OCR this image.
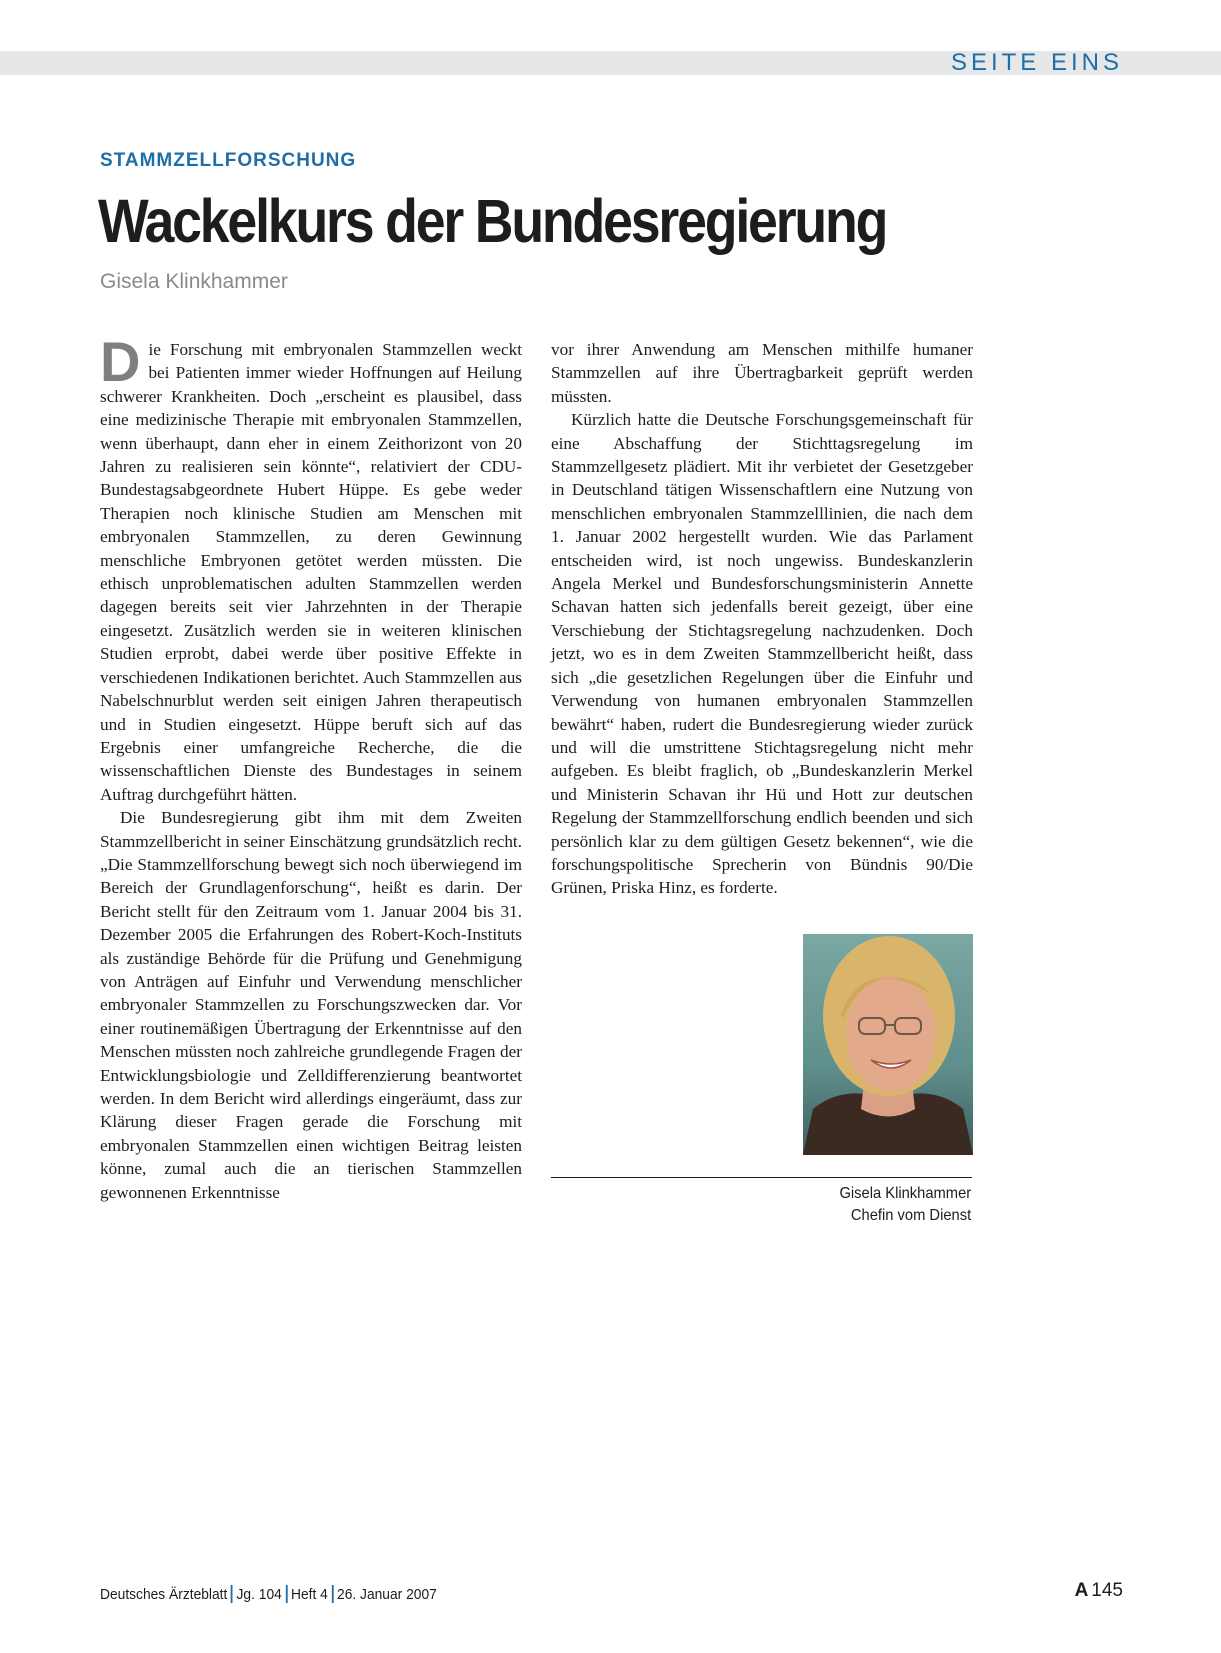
SEITE EINS
STAMMZELLFORSCHUNG
Wackelkurs der Bundesregierung
Gisela Klinkhammer

Die Forschung mit embryonalen Stammzellen weckt bei Patienten immer wieder Hoffnungen auf Heilung schwerer Krankheiten. Doch „erscheint es plausibel, dass eine medizinische Therapie mit embryonalen Stammzellen, wenn überhaupt, dann eher in einem Zeithorizont von 20 Jahren zu realisieren sein könnte“, relativiert der CDU-Bundestagsabgeordnete Hubert Hüppe. Es gebe weder Therapien noch klinische Studien am Menschen mit embryonalen Stammzellen, zu deren Gewinnung menschliche Embryonen getötet werden müssten. Die ethisch unproblematischen adulten Stammzellen werden dagegen bereits seit vier Jahrzehnten in der Therapie eingesetzt. Zusätzlich werden sie in weiteren klinischen Studien erprobt, dabei werde über positive Effekte in verschiedenen Indikationen berichtet. Auch Stammzellen aus Nabelschnurblut werden seit einigen Jahren therapeutisch und in Studien eingesetzt. Hüppe beruft sich auf das Ergebnis einer umfangreiche Recherche, die die wissenschaftlichen Dienste des Bundestages in seinem Auftrag durchgeführt hätten.

Die Bundesregierung gibt ihm mit dem Zweiten Stammzellbericht in seiner Einschätzung grundsätzlich recht. „Die Stammzellforschung bewegt sich noch überwiegend im Bereich der Grundlagenforschung“, heißt es darin. Der Bericht stellt für den Zeitraum vom 1. Januar 2004 bis 31. Dezember 2005 die Erfahrungen des Robert-Koch-Instituts als zuständige Behörde für die Prüfung und Genehmigung von Anträgen auf Einfuhr und Verwendung menschlicher embryonaler Stammzellen zu Forschungszwecken dar. Vor einer routinemäßigen Übertragung der Erkenntnisse auf den Menschen müssten noch zahlreiche grundlegende Fragen der Entwicklungsbiologie und Zelldifferenzierung beantwortet werden. In dem Bericht wird allerdings eingeräumt, dass zur Klärung dieser Fragen gerade die Forschung mit embryonalen Stammzellen einen wichtigen Beitrag leisten könne, zumal auch die an tierischen Stammzellen gewonnenen Erkenntnisse

vor ihrer Anwendung am Menschen mithilfe humaner Stammzellen auf ihre Übertragbarkeit geprüft werden müssten.

Kürzlich hatte die Deutsche Forschungsgemeinschaft für eine Abschaffung der Stichttagsregelung im Stammzellgesetz plädiert. Mit ihr verbietet der Gesetzgeber in Deutschland tätigen Wissenschaftlern eine Nutzung von menschlichen embryonalen Stammzelllinien, die nach dem 1. Januar 2002 hergestellt wurden. Wie das Parlament entscheiden wird, ist noch ungewiss. Bundeskanzlerin Angela Merkel und Bundesforschungsministerin Annette Schavan hatten sich jedenfalls bereit gezeigt, über eine Verschiebung der Stichtagsregelung nachzudenken. Doch jetzt, wo es in dem Zweiten Stammzellbericht heißt, dass sich „die gesetzlichen Regelungen über die Einfuhr und Verwendung von humanen embryonalen Stammzellen bewährt“ haben, rudert die Bundesregierung wieder zurück und will die umstrittene Stichtagsregelung nicht mehr aufgeben. Es bleibt fraglich, ob „Bundeskanzlerin Merkel und Ministerin Schavan ihr Hü und Hott zur deutschen Regelung der Stammzellforschung endlich beenden und sich persönlich klar zu dem gültigen Gesetz bekennen“, wie die forschungspolitische Sprecherin von Bündnis 90/Die Grünen, Priska Hinz, es forderte.

Gisela Klinkhammer
Chefin vom Dienst
Deutsches Ärzteblatt Jg. 104 Heft 4 26. Januar 2007	A 145
